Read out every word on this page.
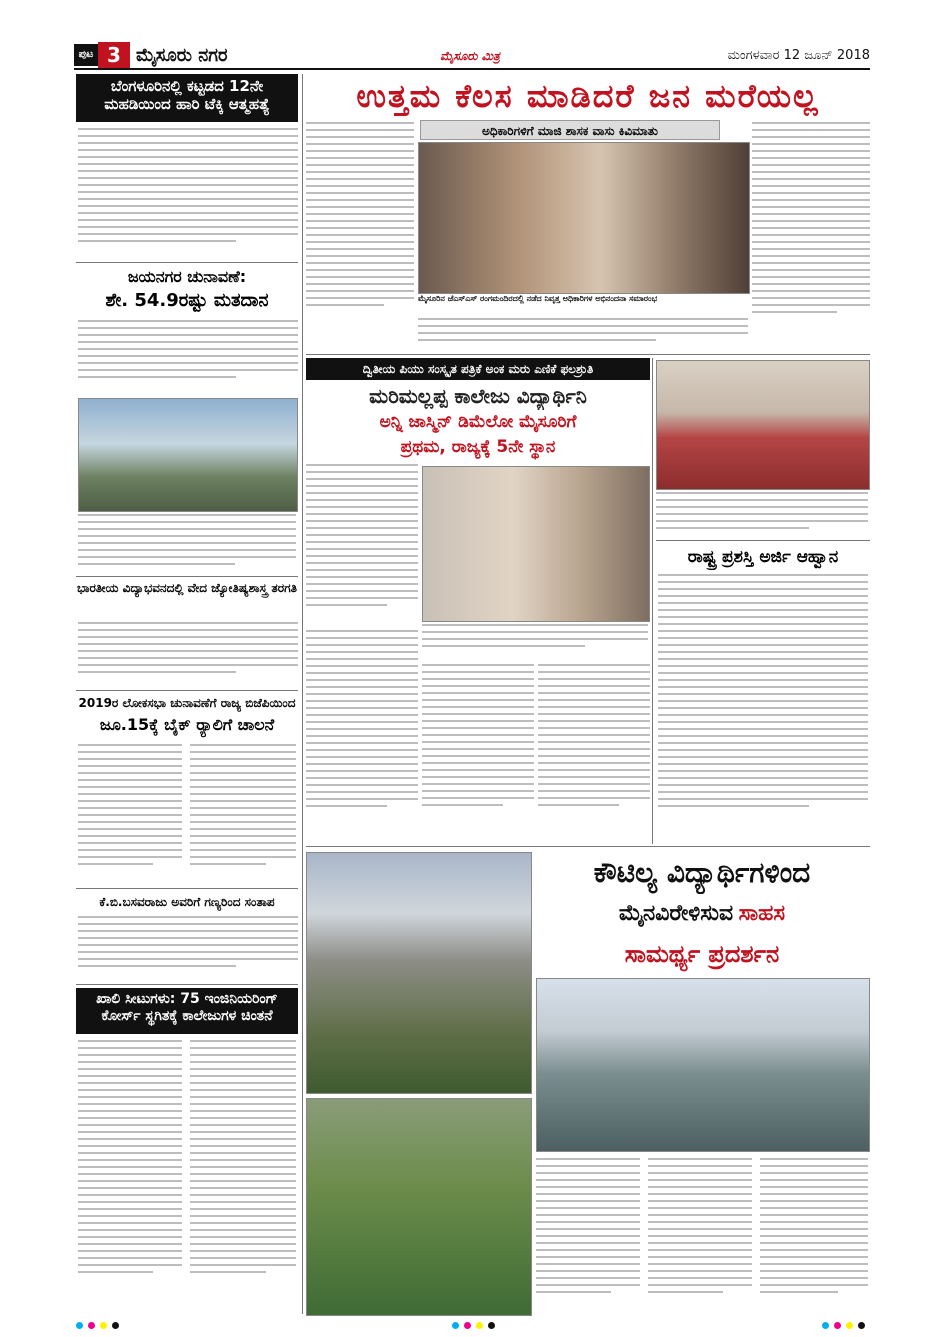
ಪುಟ 3 ಮೈಸೂರು ನಗರ	ಮೈಸೂರು ಮಿತ್ರ	ಮಂಗಳವಾರ 12 ಜೂನ್ 2018
ಬೆಂಗಳೂರಿನಲ್ಲಿ ಕಟ್ಟಡದ 12ನೇ ಮಹಡಿಯಿಂದ ಹಾರಿ ಟೆಕ್ಕಿ ಆತ್ಮಹತ್ಯೆ
ಜಯನಗರ ಚುನಾವಣೆ:
ಶೇ. 54.9ರಷ್ಟು ಮತದಾನ
ಭಾರತೀಯ ವಿದ್ಯಾಭವನದಲ್ಲಿ ವೇದ ಜ್ಯೋತಿಷ್ಯಶಾಸ್ತ್ರ ತರಗತಿ
2019ರ ಲೋಕಸಭಾ ಚುನಾವಣೆಗೆ ರಾಜ್ಯ ಬಿಜೆಪಿಯಿಂದ
ಜೂ.15ಕ್ಕೆ ಬೈಕ್ ರ್‍ಯಾಲಿಗೆ ಚಾಲನೆ
ಕೆ.ಬಿ.ಬಸವರಾಜು ಅವರಿಗೆ ಗಣ್ಯರಿಂದ ಸಂತಾಪ
ಖಾಲಿ ಸೀಟುಗಳು: 75 ಇಂಜಿನಿಯರಿಂಗ್ ಕೋರ್ಸ್ ಸ್ಥಗಿತಕ್ಕೆ ಕಾಲೇಜುಗಳ ಚಿಂತನೆ
ಉತ್ತಮ ಕೆಲಸ ಮಾಡಿದರೆ ಜನ ಮರೆಯಲ್ಲ
ಅಧಿಕಾರಿಗಳಿಗೆ ಮಾಜಿ ಶಾಸಕ ವಾಸು ಕಿವಿಮಾತು
ಮೈಸೂರಿನ ಜೆಎಸ್‌ಎಸ್ ರಂಗಮಂದಿರದಲ್ಲಿ ನಡೆದ ನಿವೃತ್ತ ಅಧಿಕಾರಿಗಳ ಅಭಿನಂದನಾ ಸಮಾರಂಭ
ದ್ವಿತೀಯ ಪಿಯು ಸಂಸ್ಕೃತ ಪತ್ರಿಕೆ ಅಂಕ ಮರು ಎಣಿಕೆ ಫಲಶ್ರುತಿ
ಮರಿಮಲ್ಲಪ್ಪ ಕಾಲೇಜು ವಿದ್ಯಾರ್ಥಿನಿ
ಅನ್ನಿ ಜಾಸ್ಮಿನ್ ಡಿಮೆಲೋ ಮೈಸೂರಿಗೆ
ಪ್ರಥಮ, ರಾಜ್ಯಕ್ಕೆ 5ನೇ ಸ್ಥಾನ
ರಾಷ್ಟ್ರ ಪ್ರಶಸ್ತಿ ಅರ್ಜಿ ಆಹ್ವಾನ
ಕೌಟಿಲ್ಯ ವಿದ್ಯಾರ್ಥಿಗಳಿಂದ
ಮೈನವಿರೇಳಿಸುವ ಸಾಹಸ
ಸಾಮರ್ಥ್ಯ ಪ್ರದರ್ಶನ
